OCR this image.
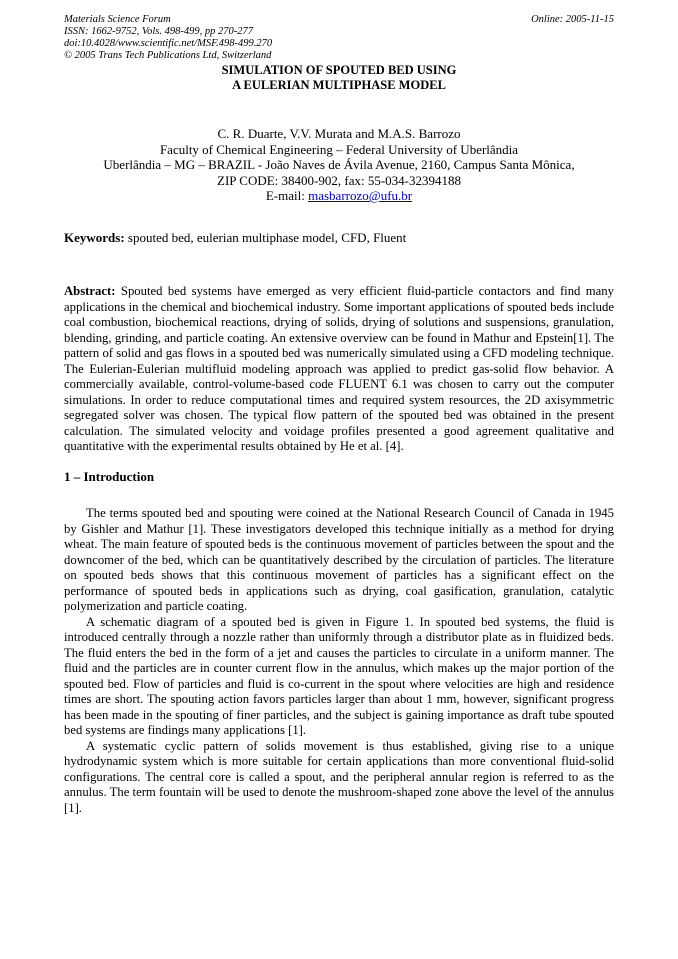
Materials Science Forum
ISSN: 1662-9752, Vols. 498-499, pp 270-277
doi:10.4028/www.scientific.net/MSF.498-499.270
© 2005 Trans Tech Publications Ltd, Switzerland
Online: 2005-11-15
SIMULATION OF SPOUTED BED USING
A EULERIAN MULTIPHASE MODEL
C. R. Duarte, V.V. Murata and M.A.S. Barrozo
Faculty of Chemical Engineering – Federal University of Uberlândia
Uberlândia – MG – BRAZIL - João Naves de Ávila Avenue, 2160, Campus Santa Mônica,
ZIP CODE: 38400-902, fax: 55-034-32394188
E-mail: masbarrozo@ufu.br
Keywords: spouted bed, eulerian multiphase model, CFD, Fluent
Abstract: Spouted bed systems have emerged as very efficient fluid-particle contactors and find many applications in the chemical and biochemical industry. Some important applications of spouted beds include coal combustion, biochemical reactions, drying of solids, drying of solutions and suspensions, granulation, blending, grinding, and particle coating. An extensive overview can be found in Mathur and Epstein[1]. The pattern of solid and gas flows in a spouted bed was numerically simulated using a CFD modeling technique. The Eulerian-Eulerian multifluid modeling approach was applied to predict gas-solid flow behavior. A commercially available, control-volume-based code FLUENT 6.1 was chosen to carry out the computer simulations. In order to reduce computational times and required system resources, the 2D axisymmetric segregated solver was chosen. The typical flow pattern of the spouted bed was obtained in the present calculation. The simulated velocity and voidage profiles presented a good agreement qualitative and quantitative with the experimental results obtained by He et al. [4].
1 – Introduction
The terms spouted bed and spouting were coined at the National Research Council of Canada in 1945 by Gishler and Mathur [1]. These investigators developed this technique initially as a method for drying wheat. The main feature of spouted beds is the continuous movement of particles between the spout and the downcomer of the bed, which can be quantitatively described by the circulation of particles. The literature on spouted beds shows that this continuous movement of particles has a significant effect on the performance of spouted beds in applications such as drying, coal gasification, granulation, catalytic polymerization and particle coating.
A schematic diagram of a spouted bed is given in Figure 1. In spouted bed systems, the fluid is introduced centrally through a nozzle rather than uniformly through a distributor plate as in fluidized beds. The fluid enters the bed in the form of a jet and causes the particles to circulate in a uniform manner. The fluid and the particles are in counter current flow in the annulus, which makes up the major portion of the spouted bed. Flow of particles and fluid is co-current in the spout where velocities are high and residence times are short. The spouting action favors particles larger than about 1 mm, however, significant progress has been made in the spouting of finer particles, and the subject is gaining importance as draft tube spouted bed systems are findings many applications [1].
A systematic cyclic pattern of solids movement is thus established, giving rise to a unique hydrodynamic system which is more suitable for certain applications than more conventional fluid-solid configurations. The central core is called a spout, and the peripheral annular region is referred to as the annulus. The term fountain will be used to denote the mushroom-shaped zone above the level of the annulus [1].
